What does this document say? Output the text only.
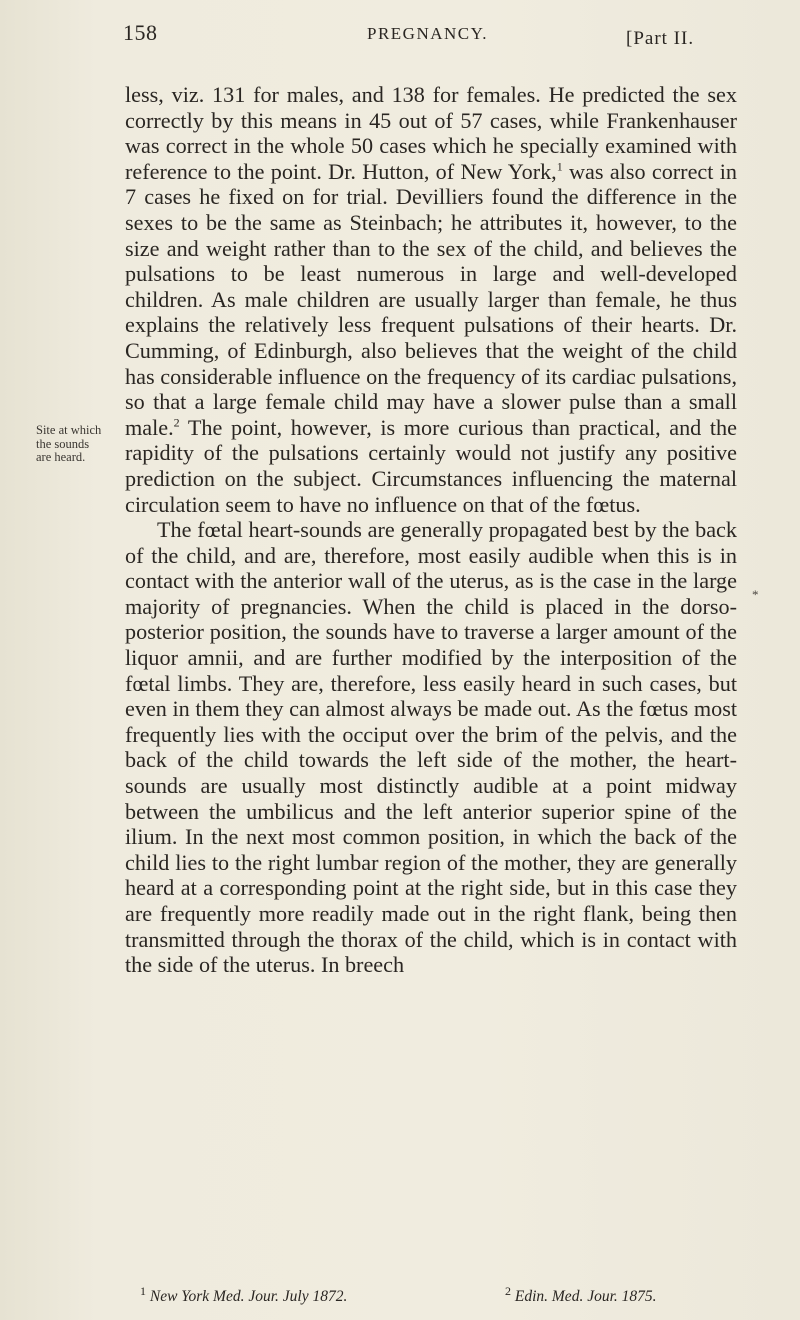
158	PREGNANCY.	[Part II.
Site at which the sounds are heard.

less, viz. 131 for males, and 138 for females. He predicted the sex correctly by this means in 45 out of 57 cases, while Frankenhauser was correct in the whole 50 cases which he specially examined with reference to the point. Dr. Hutton, of New York,$^1$ was also correct in 7 cases he fixed on for trial. Devilliers found the difference in the sexes to be the same as Steinbach; he attributes it, however, to the size and weight rather than to the sex of the child, and believes the pulsations to be least numerous in large and well-developed children. As male children are usually larger than female, he thus explains the relatively less frequent pulsations of their hearts. Dr. Cumming, of Edinburgh, also believes that the weight of the child has considerable influence on the frequency of its cardiac pulsations, so that a large female child may have a slower pulse than a small male.$^2$ The point, however, is more curious than practical, and the rapidity of the pulsations certainly would not justify any positive prediction on the subject. Circumstances influencing the maternal circulation seem to have no influence on that of the fœtus.

The fœtal heart-sounds are generally propagated best by the back of the child, and are, therefore, most easily audible when this is in contact with the anterior wall of the uterus, as is the case in the large majority of pregnancies. When the child is placed in the dorso-posterior position, the sounds have to traverse a larger amount of the liquor amnii, and are further modified by the interposition of the fœtal limbs. They are, therefore, less easily heard in such cases, but even in them they can almost always be made out. As the fœtus most frequently lies with the occiput over the brim of the pelvis, and the back of the child towards the left side of the mother, the heart-sounds are usually most distinctly audible at a point midway between the umbilicus and the left anterior superior spine of the ilium. In the next most common position, in which the back of the child lies to the right lumbar region of the mother, they are generally heard at a corresponding point at the right side, but in this case they are frequently more readily made out in the right flank, being then transmitted through the thorax of the child, which is in contact with the side of the uterus. In breech

*
$^1$ New York Med. Jour. July 1872.	$^2$ Edin. Med. Jour. 1875.
